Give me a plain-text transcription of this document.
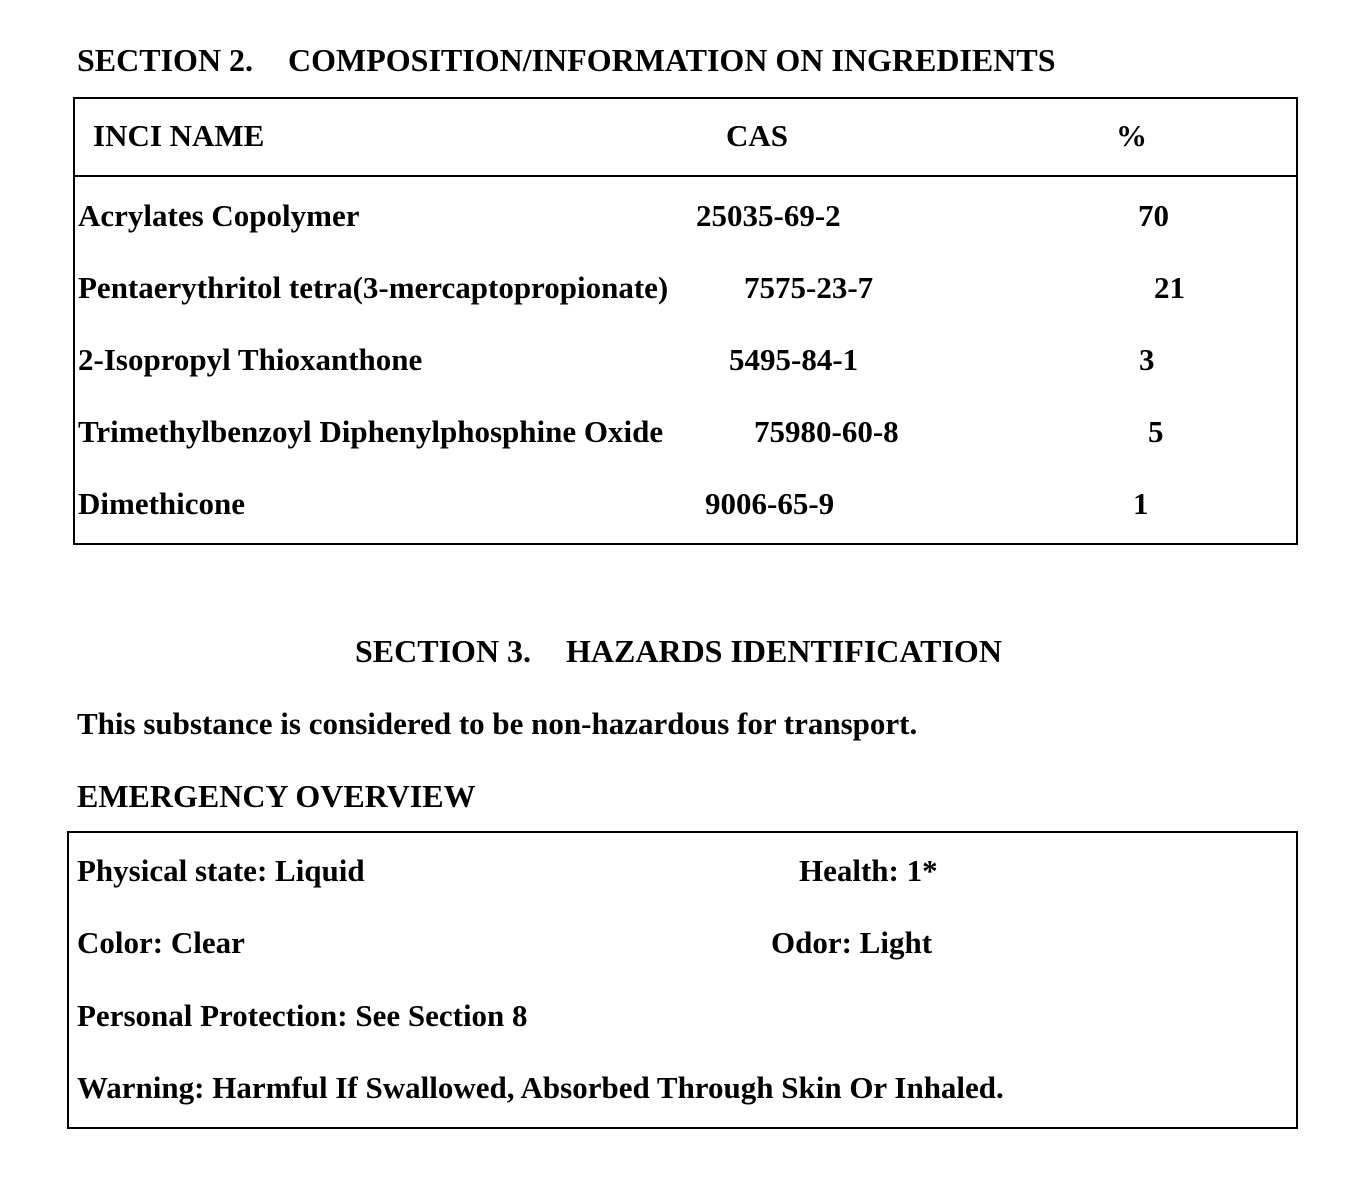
SECTION 2. COMPOSITION/INFORMATION ON INGREDIENTS
INCI NAME	CAS	%
Acrylates Copolymer	25035-69-2	70
Pentaerythritol tetra(3-mercaptopropionate) 7575-23-7	21
2-Isopropyl Thioxanthone	5495-84-1	3
Trimethylbenzoyl Diphenylphosphine Oxide	75980-60-8	5
Dimethicone	9006-65-9	1
SECTION 3. HAZARDS IDENTIFICATION
This substance is considered to be non-hazardous for transport.
EMERGENCY OVERVIEW
Physical state: Liquid	Health: 1*
Color: Clear	Odor: Light
Personal Protection: See Section 8
Warning: Harmful If Swallowed, Absorbed Through Skin Or Inhaled.
